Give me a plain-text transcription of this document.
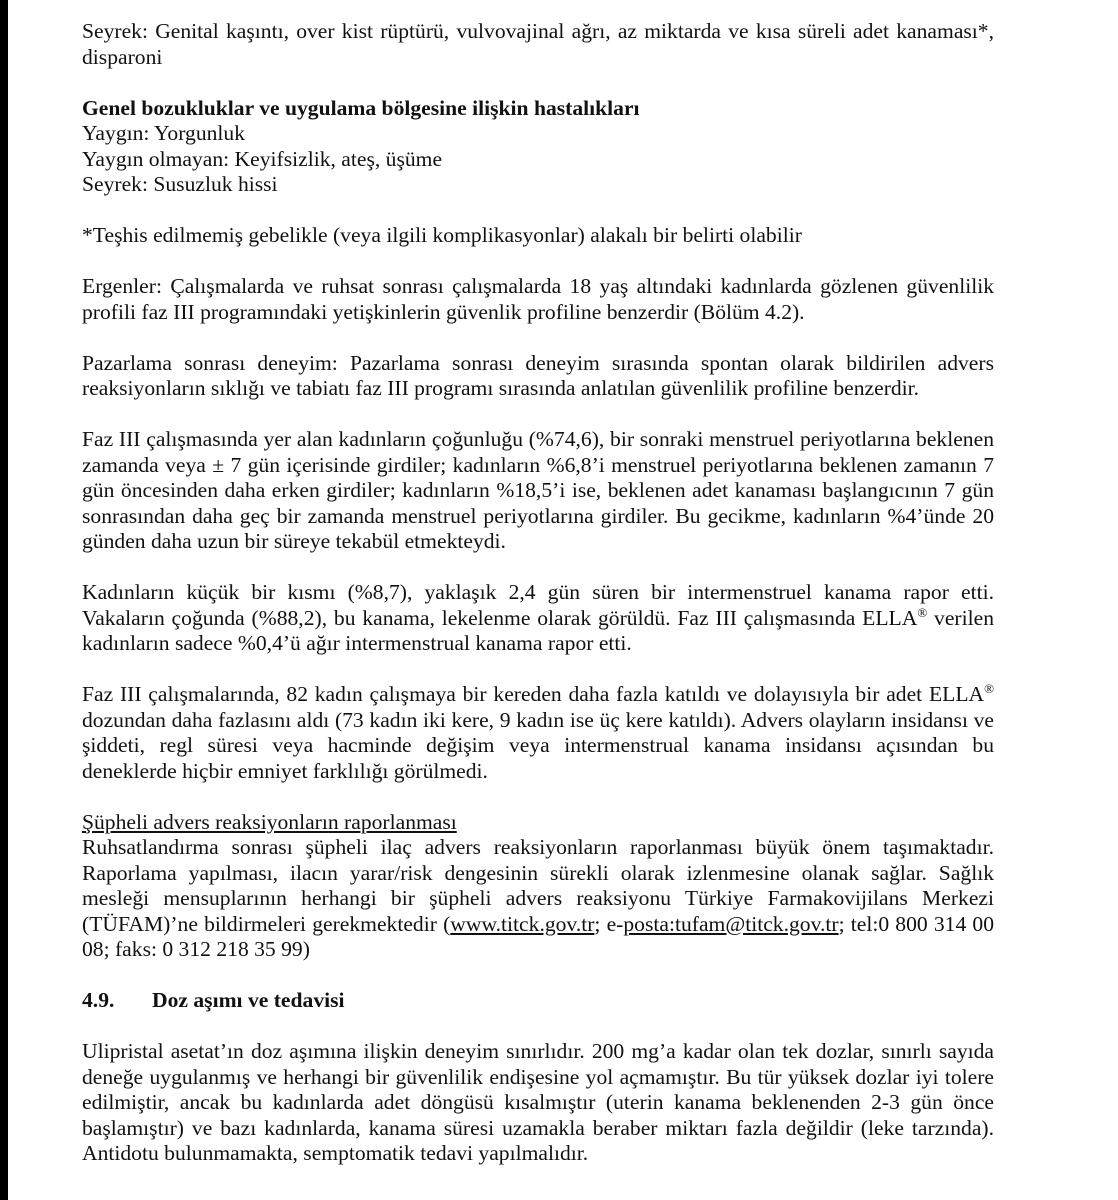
Seyrek: Genital kaşıntı, over kist rüptürü, vulvovajinal ağrı, az miktarda ve kısa süreli adet kanaması*, disparoni

Genel bozukluklar ve uygulama bölgesine ilişkin hastalıkları

Yaygın: Yorgunluk

Yaygın olmayan: Keyifsizlik, ateş, üşüme

Seyrek: Susuzluk hissi

*Teşhis edilmemiş gebelikle (veya ilgili komplikasyonlar) alakalı bir belirti olabilir

Ergenler: Çalışmalarda ve ruhsat sonrası çalışmalarda 18 yaş altındaki kadınlarda gözlenen güvenlilik profili faz III programındaki yetişkinlerin güvenlik profiline benzerdir (Bölüm 4.2).

Pazarlama sonrası deneyim: Pazarlama sonrası deneyim sırasında spontan olarak bildirilen advers reaksiyonların sıklığı ve tabiatı faz III programı sırasında anlatılan güvenlilik profiline benzerdir.

Faz III çalışmasında yer alan kadınların çoğunluğu (%74,6), bir sonraki menstruel periyotlarına beklenen zamanda veya ± 7 gün içerisinde girdiler; kadınların %6,8’i menstruel periyotlarına beklenen zamanın 7 gün öncesinden daha erken girdiler; kadınların %18,5’i ise, beklenen adet kanaması başlangıcının 7 gün sonrasından daha geç bir zamanda menstruel periyotlarına girdiler. Bu gecikme, kadınların %4’ünde 20 günden daha uzun bir süreye tekabül etmekteydi.

Kadınların küçük bir kısmı (%8,7), yaklaşık 2,4 gün süren bir intermenstruel kanama rapor etti. Vakaların çoğunda (%88,2), bu kanama, lekelenme olarak görüldü. Faz III çalışmasında ELLA® verilen kadınların sadece %0,4’ü ağır intermenstrual kanama rapor etti.

Faz III çalışmalarında, 82 kadın çalışmaya bir kereden daha fazla katıldı ve dolayısıyla bir adet ELLA® dozundan daha fazlasını aldı (73 kadın iki kere, 9 kadın ise üç kere katıldı). Advers olayların insidansı ve şiddeti, regl süresi veya hacminde değişim veya intermenstrual kanama insidansı açısından bu deneklerde hiçbir emniyet farklılığı görülmedi.

Şüpheli advers reaksiyonların raporlanması

Ruhsatlandırma sonrası şüpheli ilaç advers reaksiyonların raporlanması büyük önem taşımaktadır. Raporlama yapılması, ilacın yarar/risk dengesinin sürekli olarak izlenmesine olanak sağlar. Sağlık mesleği mensuplarının herhangi bir şüpheli advers reaksiyonu Türkiye Farmakovijilans Merkezi (TÜFAM)’ne bildirmeleri gerekmektedir (www.titck.gov.tr; e-posta:tufam@titck.gov.tr; tel:0 800 314 00 08; faks: 0 312 218 35 99)

4.9.	Doz aşımı ve tedavisi

Ulipristal asetat’ın doz aşımına ilişkin deneyim sınırlıdır. 200 mg’a kadar olan tek dozlar, sınırlı sayıda deneğe uygulanmış ve herhangi bir güvenlilik endişesine yol açmamıştır. Bu tür yüksek dozlar iyi tolere edilmiştir, ancak bu kadınlarda adet döngüsü kısalmıştır (uterin kanama beklenenden 2-3 gün önce başlamıştır) ve bazı kadınlarda, kanama süresi uzamakla beraber miktarı fazla değildir (leke tarzında). Antidotu bulunmamakta, semptomatik tedavi yapılmalıdır.
